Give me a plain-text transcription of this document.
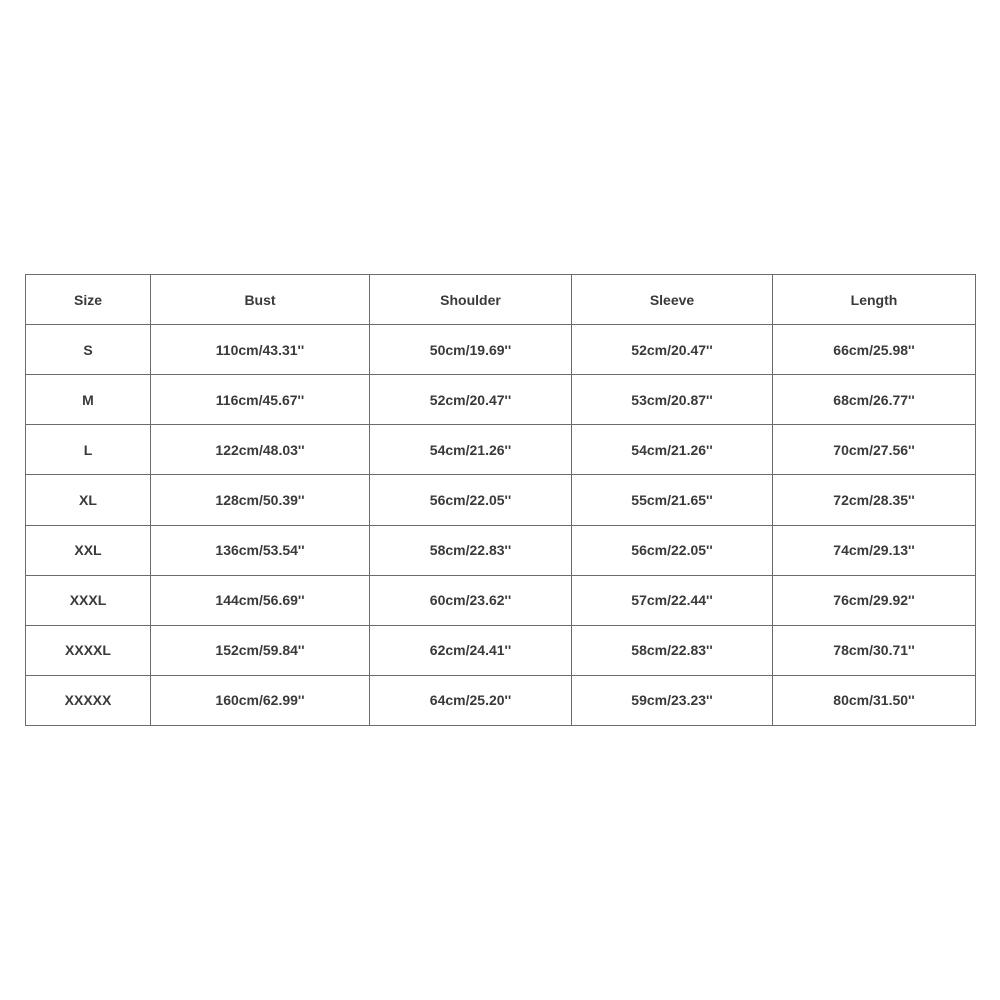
Size	Bust	Shoulder	Sleeve	Length
S	110cm/43.31''	50cm/19.69''	52cm/20.47''	66cm/25.98''
M	116cm/45.67''	52cm/20.47''	53cm/20.87''	68cm/26.77''
L	122cm/48.03''	54cm/21.26''	54cm/21.26''	70cm/27.56''
XL	128cm/50.39''	56cm/22.05''	55cm/21.65''	72cm/28.35''
XXL	136cm/53.54''	58cm/22.83''	56cm/22.05''	74cm/29.13''
XXXL	144cm/56.69''	60cm/23.62''	57cm/22.44''	76cm/29.92''
XXXXL	152cm/59.84''	62cm/24.41''	58cm/22.83''	78cm/30.71''
XXXXX	160cm/62.99''	64cm/25.20''	59cm/23.23''	80cm/31.50''
